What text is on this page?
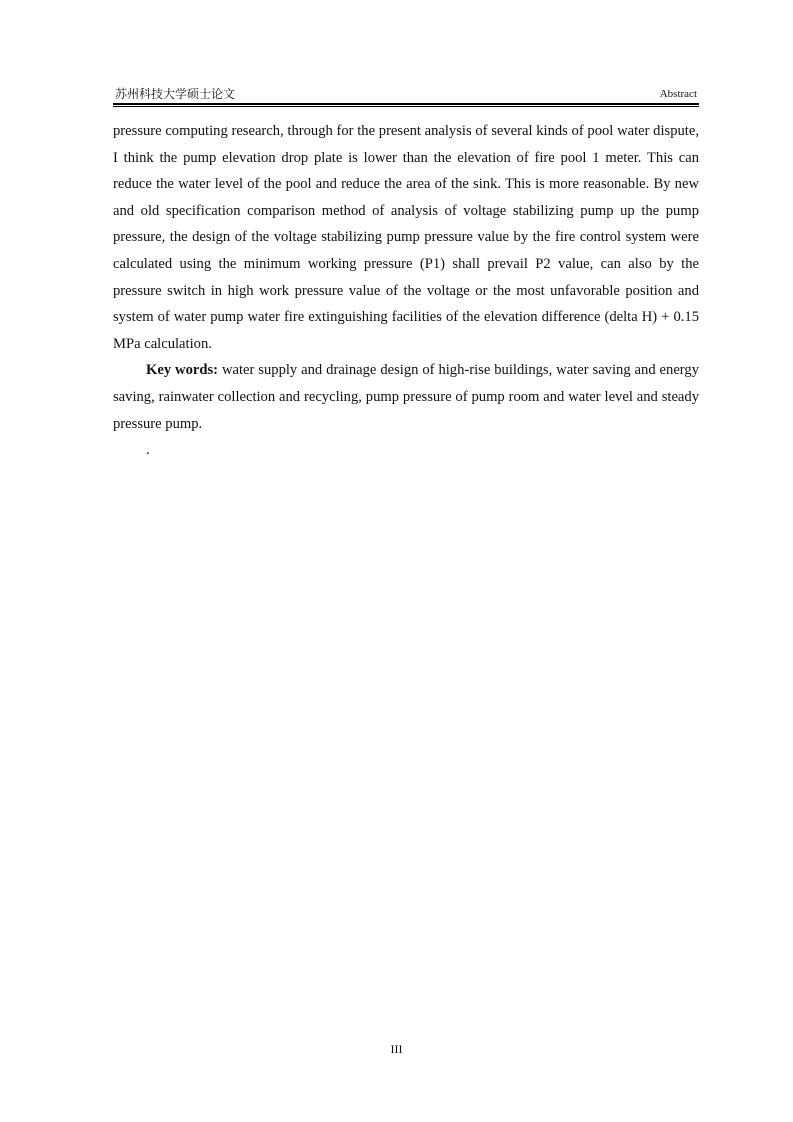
苏州科技大学硕士论文	Abstract

pressure computing research, through for the present analysis of several kinds of pool water dispute, I think the pump elevation drop plate is lower than the elevation of fire pool 1 meter. This can reduce the water level of the pool and reduce the area of the sink. This is more reasonable. By new and old specification comparison method of analysis of voltage stabilizing pump up the pump pressure, the design of the voltage stabilizing pump pressure value by the fire control system were calculated using the minimum working pressure (P1) shall prevail P2 value, can also by the pressure switch in high work pressure value of the voltage or the most unfavorable position and system of water pump water fire extinguishing facilities of the elevation difference (delta H) + 0.15 MPa calculation.

Key words: water supply and drainage design of high-rise buildings, water saving and energy saving, rainwater collection and recycling, pump pressure of pump room and water level and steady pressure pump.

.

III
